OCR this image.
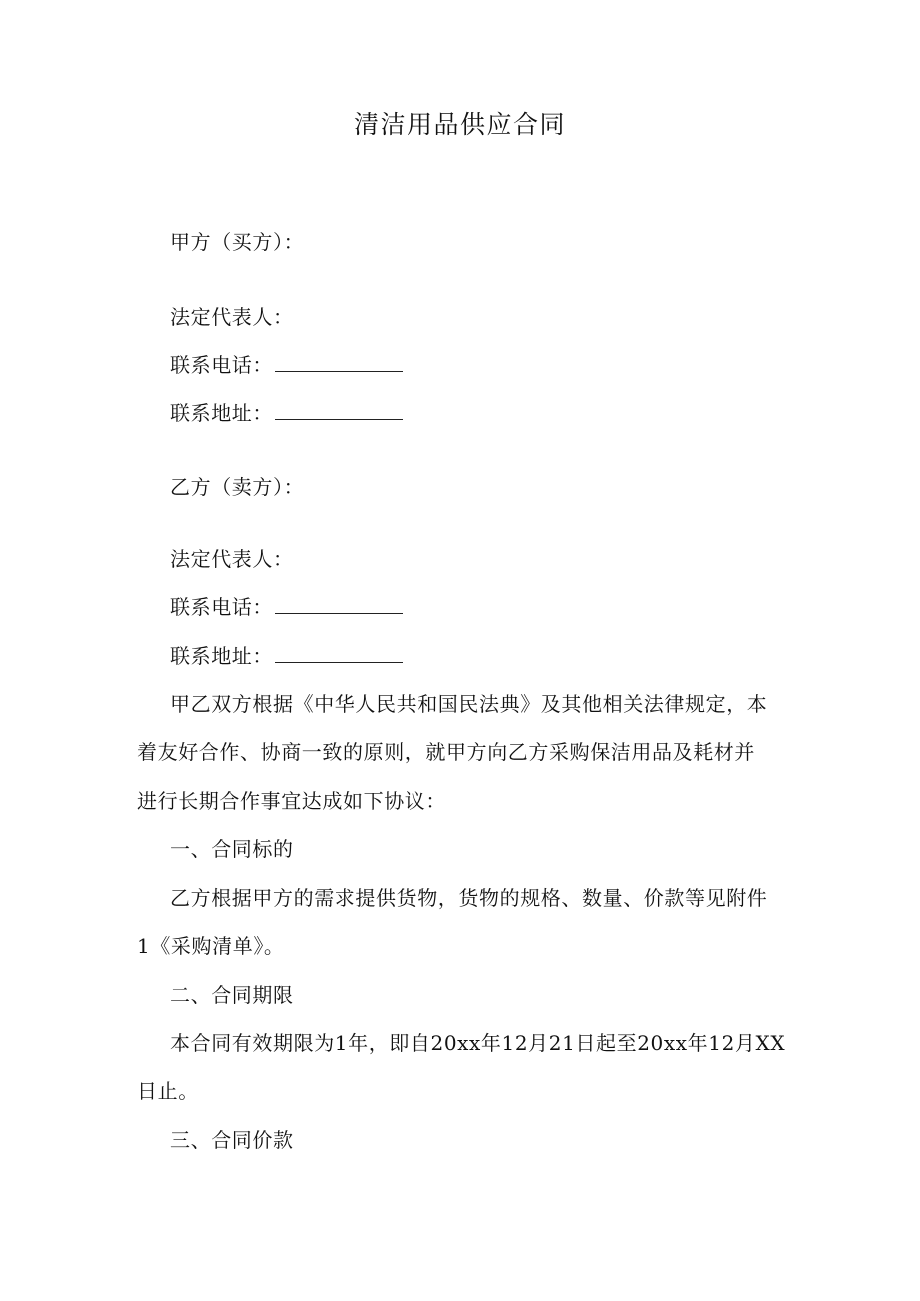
清洁用品供应合同
甲方（买方）：
法定代表人：
联系电话：
联系地址：
乙方（卖方）：
法定代表人：
联系电话：
联系地址：
甲乙双方根据《中华人民共和国民法典》及其他相关法律规定，本
着友好合作、协商一致的原则，就甲方向乙方采购保洁用品及耗材并
进行长期合作事宜达成如下协议：
一、合同标的
乙方根据甲方的需求提供货物，货物的规格、数量、价款等见附件
1《采购清单》。
二、合同期限
本合同有效期限为1年，即自20xx年12月21日起至20xx年12月XX
日止。
三、合同价款
